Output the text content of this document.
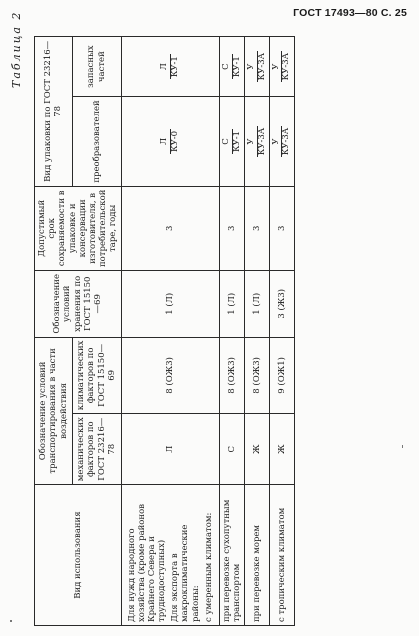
ГОСТ 17493—80 С. 25
Таблица 2
Вид использования	Обозначение условий транспортирования в части воздействия		Обозначение условий хранения по ГОСТ 15150—69	Допустимый срок сохраняемости в упаковке и консервации изготовителя, в потребительской таре, годы	Вид упаковки по ГОСТ 23216—78	
	механических факторов по ГОСТ 23216—78	климатических факторов по ГОСТ 15150—69			преобразователей	запасных частей

Для нужд народного хозяйства (кроме районов Крайнего Севера и труднодоступных) Для экспорта в макроклиматические районы: с умеренным климатом:	Л	8 (ОЖ3)	1 (Л)	3	Л КУ-0	Л КУ-1

при перевозке сухопутным транспортом	С	8 (ОЖ3)	1 (Л)	3	С КУ-1	С КУ-1

при перевозке морем	Ж	8 (ОЖ3)	1 (Л)	3	У КУ-3А	У КУ-3А

с тропическим климатом	Ж	9 (ОЖ1)	3 (Ж3)	3	У КУ-3А	У КУ-3А
